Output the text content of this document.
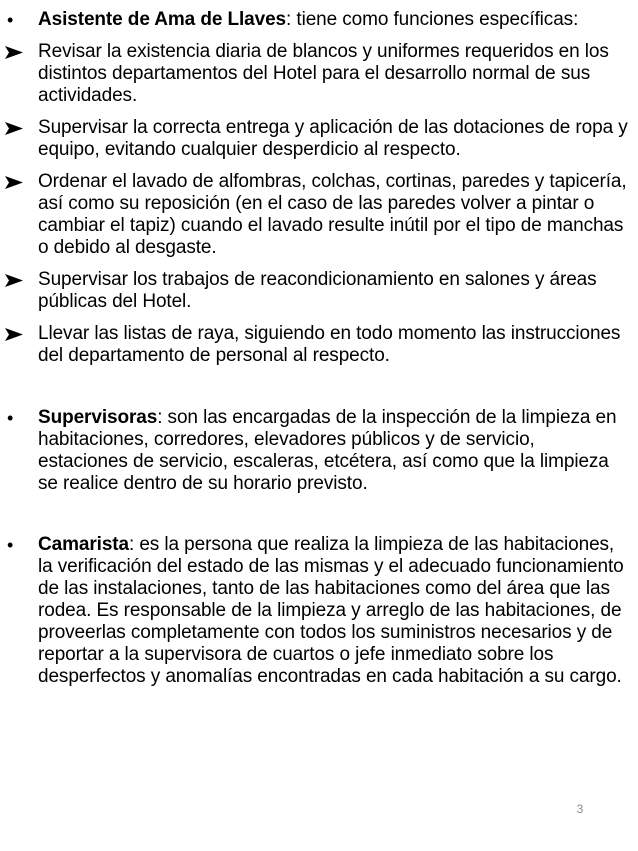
•	Asistente de Ama de Llaves: tiene como funciones específicas:
Revisar la existencia diaria de blancos y uniformes requeridos en los distintos departamentos del Hotel para el desarrollo normal de sus actividades.
Supervisar la correcta entrega y aplicación de las dotaciones de ropa y equipo, evitando cualquier desperdicio al respecto.
Ordenar el lavado de alfombras, colchas, cortinas, paredes y tapicería, así como su reposición (en el caso de las paredes volver a pintar o cambiar el tapiz) cuando el lavado resulte inútil por el tipo de manchas o debido al desgaste.
Supervisar los trabajos de reacondicionamiento en salones y áreas públicas del Hotel.
Llevar las listas de raya, siguiendo en todo momento las instrucciones del departamento de personal al respecto.
•	Supervisoras: son las encargadas de la inspección de la limpieza en habitaciones, corredores, elevadores públicos y de servicio, estaciones de servicio, escaleras, etcétera, así como que la limpieza se realice dentro de su horario previsto.
•	Camarista: es la persona que realiza la limpieza de las habitaciones, la verificación del estado de las mismas y el adecuado funcionamiento de las instalaciones, tanto de las habitaciones como del área que las rodea. Es responsable de la limpieza y arreglo de las habitaciones, de proveerlas completamente con todos los suministros necesarios y de reportar a la supervisora de cuartos o jefe inmediato sobre los desperfectos y anomalías encontradas en cada habitación a su cargo.
3
